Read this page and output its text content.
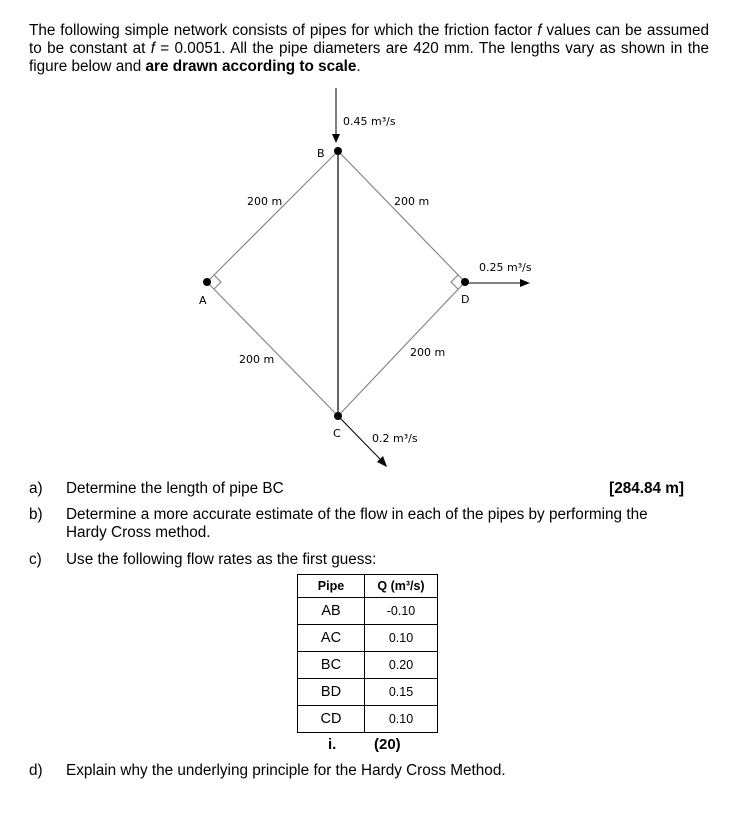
The following simple network consists of pipes for which the friction factor f values can be assumed to be constant at f = 0.0051. All the pipe diameters are 420 mm. The lengths vary as shown in the figure below and are drawn according to scale.
A
B
C
D
200 m	200 m
200 m
200 m
0.45 m³/s
0.25 m³/s
0.2 m³/s
a) Determine the length of pipe BC	[284.84 m]
b) Determine a more accurate estimate of the flow in each of the pipes by performing the Hardy Cross method.
c) Use the following flow rates as the first guess:
Pipe	Q (m³/s)
AB	-0.10
AC	0.10
BC	0.20
BD	0.15
CD	0.10
i.	(20)
d) Explain why the underlying principle for the Hardy Cross Method.
